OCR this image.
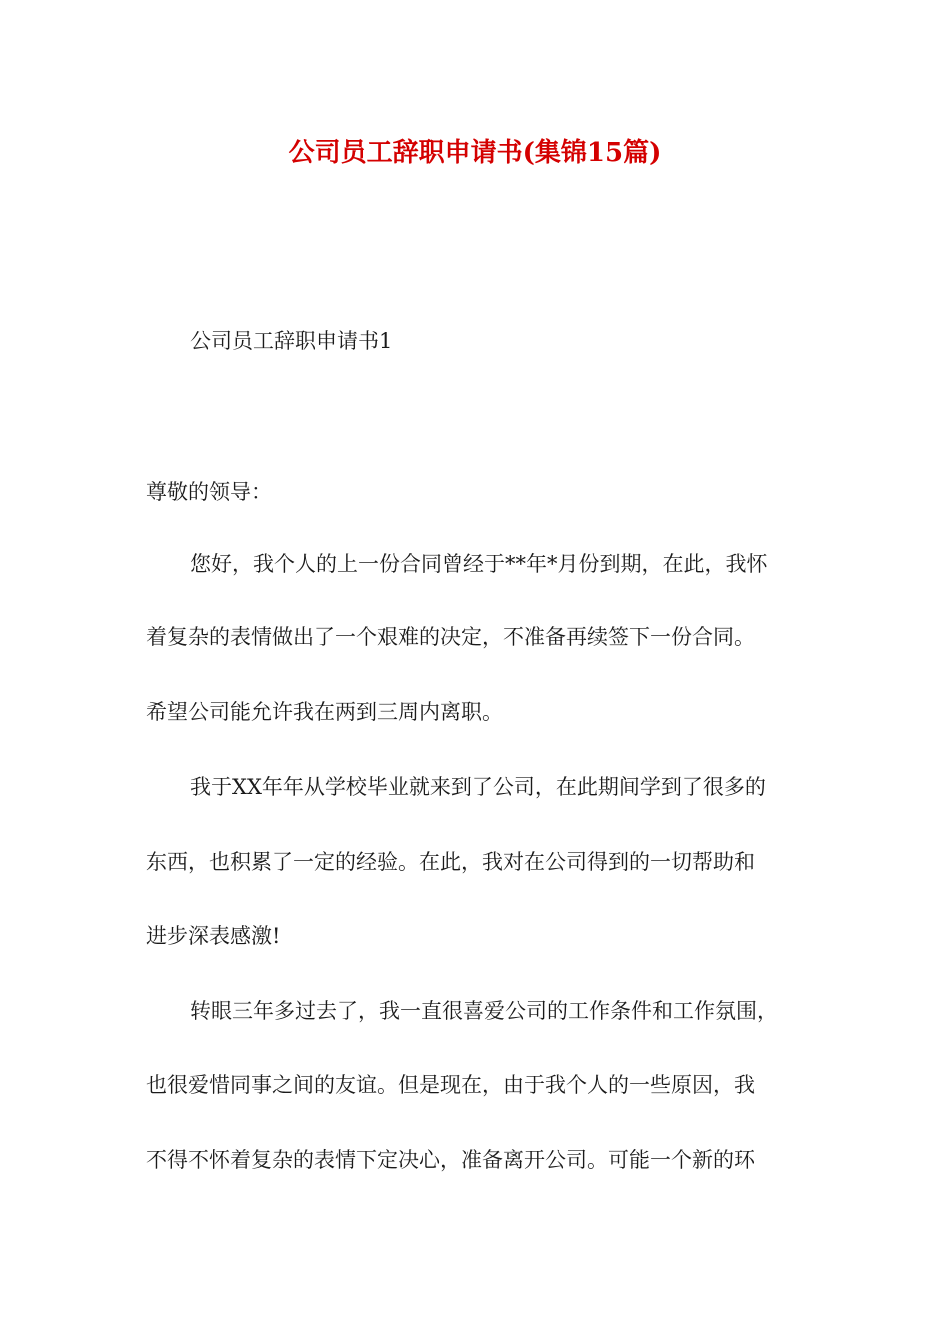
公司员工辞职申请书(集锦15篇)
公司员工辞职申请书1

尊敬的领导：

您好，我个人的上一份合同曾经于**年*月份到期，在此，我怀

着复杂的表情做出了一个艰难的决定，不准备再续签下一份合同。

希望公司能允许我在两到三周内离职。

我于XX年年从学校毕业就来到了公司，在此期间学到了很多的

东西，也积累了一定的经验。在此，我对在公司得到的一切帮助和

进步深表感激!

转眼三年多过去了，我一直很喜爱公司的工作条件和工作氛围，

也很爱惜同事之间的友谊。但是现在，由于我个人的一些原因，我

不得不怀着复杂的表情下定决心，准备离开公司。可能一个新的环
